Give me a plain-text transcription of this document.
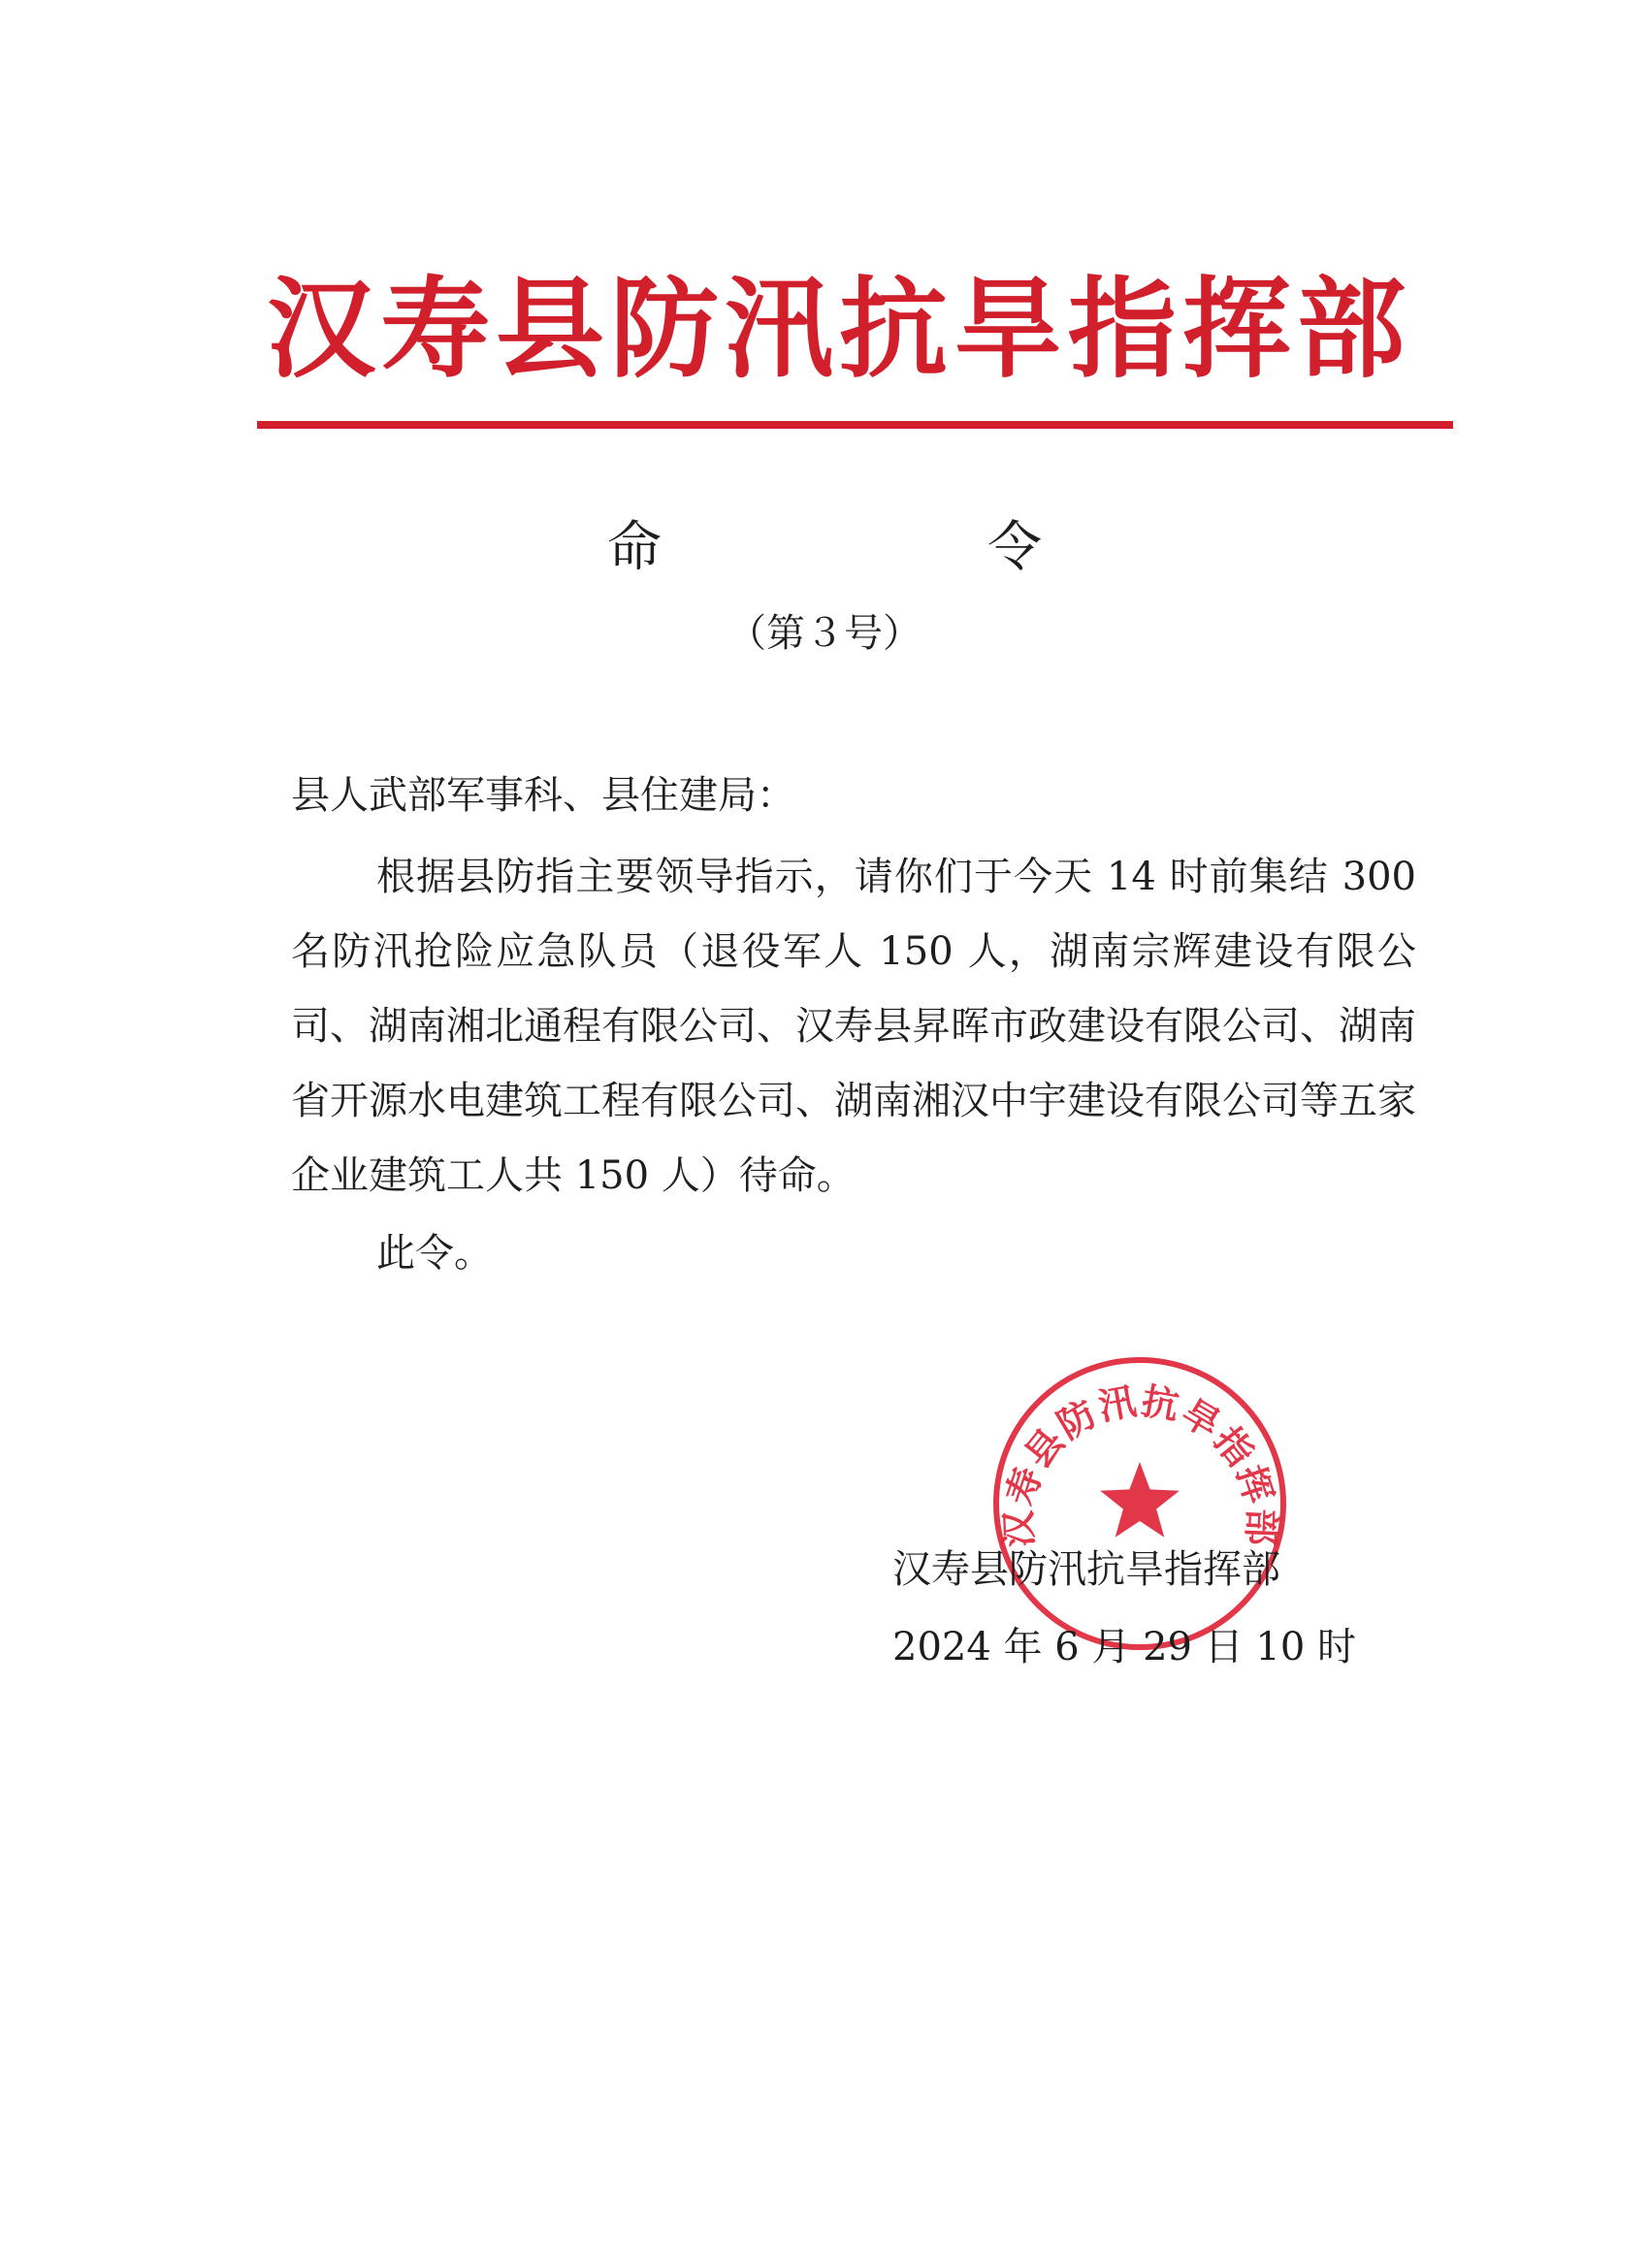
汉寿县防汛抗旱指挥部
命　令
（第３号）
县人武部军事科、县住建局：

根据县防指主要领导指示，请你们于今天 14 时前集结 300 名防汛抢险应急队员（退役军人 150 人，湖南宗辉建设有限公司、湖南湘北通程有限公司、汉寿县昇晖市政建设有限公司、湖南省开源水电建筑工程有限公司、湖南湘汉中宇建设有限公司等五家企业建筑工人共 150 人）待命。

此令。
汉寿县防汛抗旱指挥部
汉寿县防汛抗旱指挥部
2024 年 6 月 29 日 10 时
